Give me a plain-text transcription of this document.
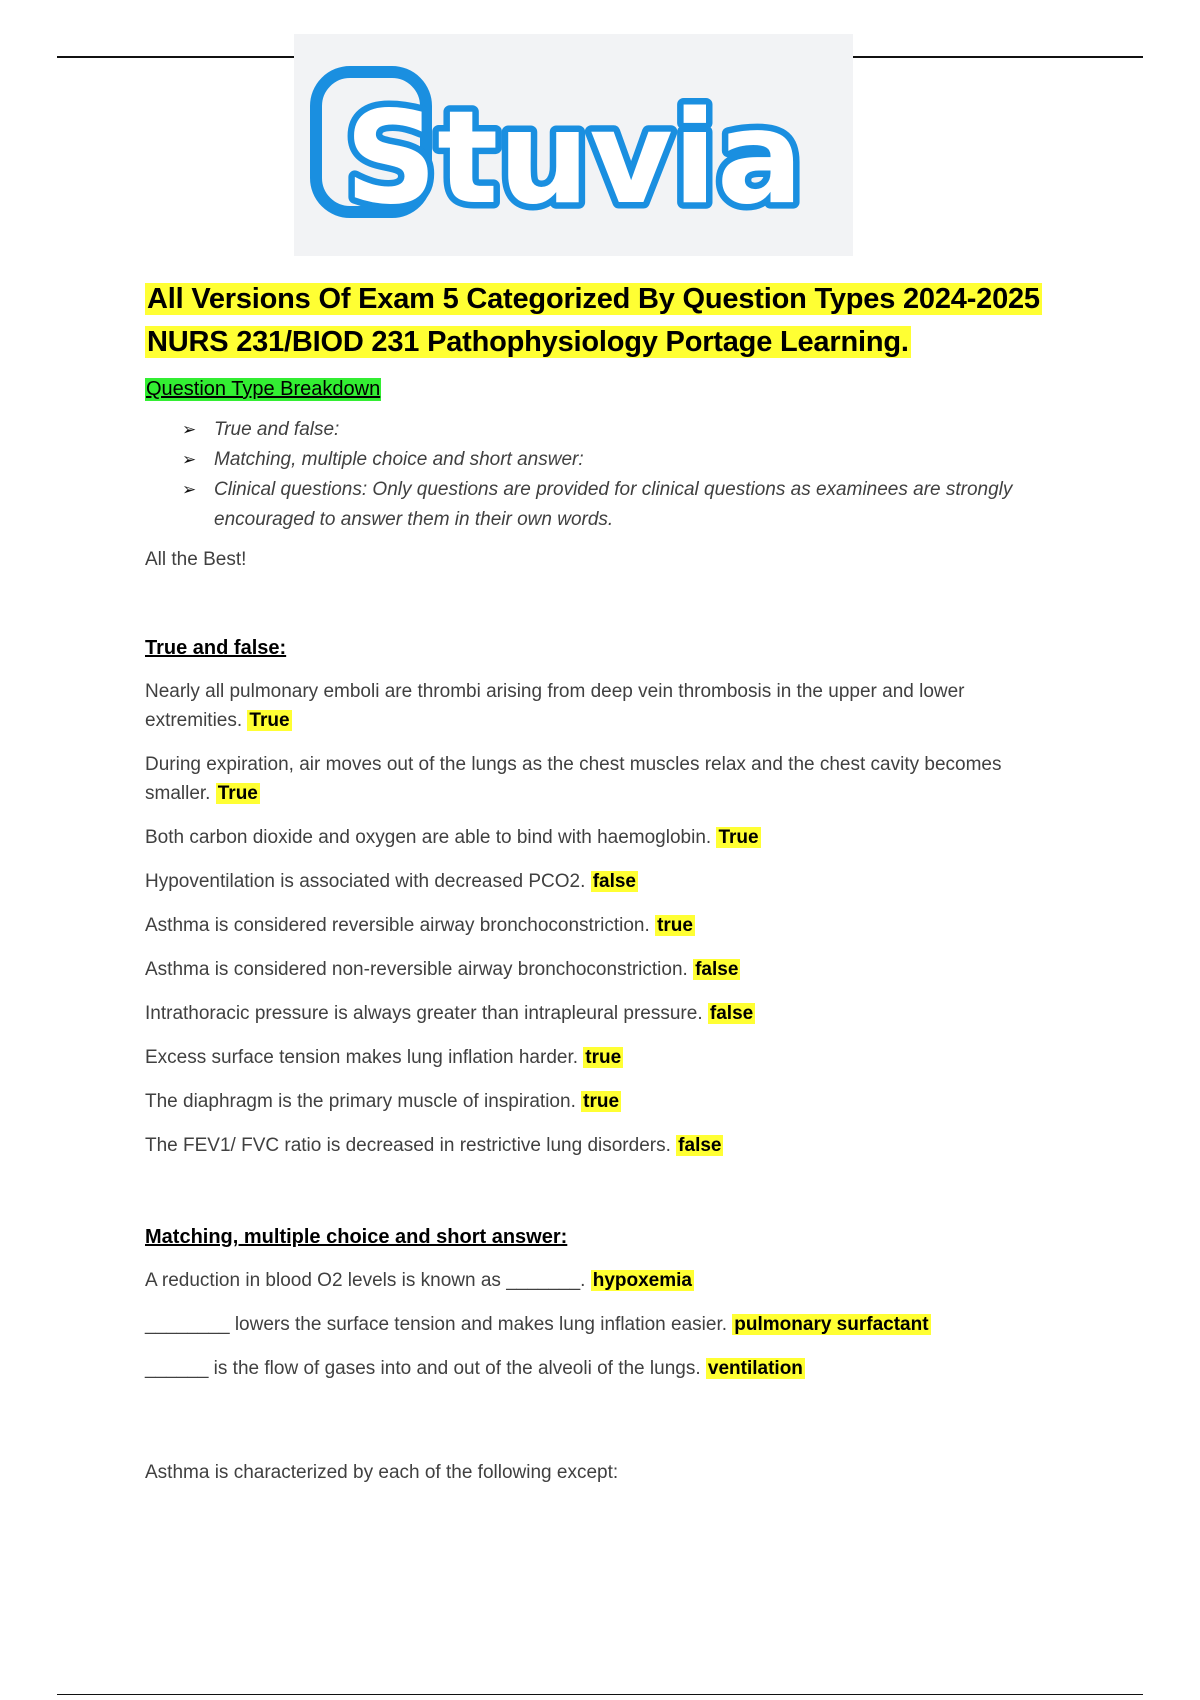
Stuvia
All Versions Of Exam 5 Categorized By Question Types 2024-2025
NURS 231/BIOD 231 Pathophysiology Portage Learning.
Question Type Breakdown
➢ True and false:
➢ Matching, multiple choice and short answer:
➢ Clinical questions: Only questions are provided for clinical questions as examinees are strongly encouraged to answer them in their own words.

All the Best!

True and false:

Nearly all pulmonary emboli are thrombi arising from deep vein thrombosis in the upper and lower extremities. True

During expiration, air moves out of the lungs as the chest muscles relax and the chest cavity becomes smaller. True

Both carbon dioxide and oxygen are able to bind with haemoglobin. True

Hypoventilation is associated with decreased PCO2. false

Asthma is considered reversible airway bronchoconstriction. true

Asthma is considered non-reversible airway bronchoconstriction. false

Intrathoracic pressure is always greater than intrapleural pressure. false

Excess surface tension makes lung inflation harder. true

The diaphragm is the primary muscle of inspiration. true

The FEV1/ FVC ratio is decreased in restrictive lung disorders. false

Matching, multiple choice and short answer:

A reduction in blood O2 levels is known as _______. hypoxemia

________ lowers the surface tension and makes lung inflation easier. pulmonary surfactant

______ is the flow of gases into and out of the alveoli of the lungs. ventilation

Asthma is characterized by each of the following except:
